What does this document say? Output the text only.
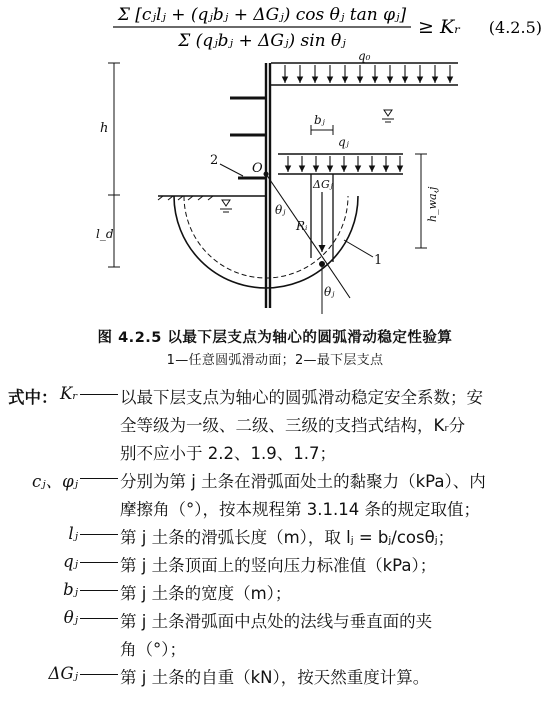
Σ [cⱼlⱼ + (qⱼbⱼ + ΔGⱼ) cos θⱼ tan φⱼ]
Σ (qⱼbⱼ + ΔGⱼ) sin θⱼ
≥ Kᵣ (4.2.5)
q₀
h
l_d
2
O
bⱼ
qⱼ
ΔGⱼ
θⱼ
Rᵢ
1
h_wa,j
θⱼ
图 4.2.5 以最下层支点为轴心的圆弧滑动稳定性验算
1—任意圆弧滑动面；2—最下层支点
式中： Kᵣ	以最下层支点为轴心的圆弧滑动稳定安全系数；安
全等级为一级、二级、三级的支挡式结构，Kᵣ分
别不应小于 2.2、1.9、1.7；
cⱼ、φⱼ	分别为第 j 土条在滑弧面处土的黏聚力（kPa）、内
摩擦角（°），按本规程第 3.1.14 条的规定取值；
lⱼ	第 j 土条的滑弧长度（m），取 lⱼ = bⱼ/cosθⱼ；
qⱼ	第 j 土条顶面上的竖向压力标准值（kPa）；
bⱼ	第 j 土条的宽度（m）；
θⱼ	第 j 土条滑弧面中点处的法线与垂直面的夹
角（°）；
ΔGⱼ	第 j 土条的自重（kN），按天然重度计算。
